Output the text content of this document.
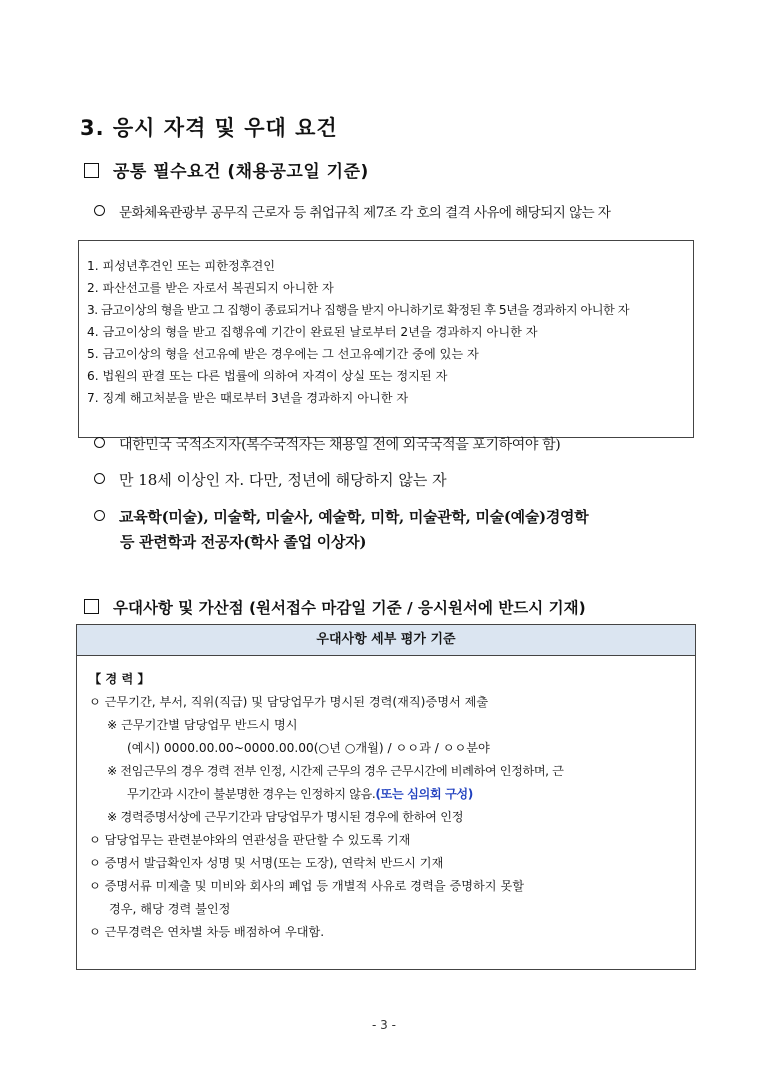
3. 응시 자격 및 우대 요건
공통 필수요건 (채용공고일 기준)
문화체육관광부 공무직 근로자 등 취업규칙 제7조 각 호의 결격 사유에 해당되지 않는 자
1. 피성년후견인 또는 피한정후견인
2. 파산선고를 받은 자로서 복권되지 아니한 자
3. 금고이상의 형을 받고 그 집행이 종료되거나 집행을 받지 아니하기로 확정된 후 5년을 경과하지 아니한 자
4. 금고이상의 형을 받고 집행유예 기간이 완료된 날로부터 2년을 경과하지 아니한 자
5. 금고이상의 형을 선고유예 받은 경우에는 그 선고유예기간 중에 있는 자
6. 법원의 판결 또는 다른 법률에 의하여 자격이 상실 또는 정지된 자
7. 징계 해고처분을 받은 때로부터 3년을 경과하지 아니한 자
대한민국 국적소지자(복수국적자는 채용일 전에 외국국적을 포기하여야 함)
만 18세 이상인 자. 다만, 정년에 해당하지 않는 자
교육학(미술), 미술학, 미술사, 예술학, 미학, 미술관학, 미술(예술)경영학
등 관련학과 전공자(학사 졸업 이상자)
우대사항 및 가산점 (원서접수 마감일 기준 / 응시원서에 반드시 기재)
우대사항 세부 평가 기준
【 경 력 】
ㅇ 근무기간, 부서, 직위(직급) 및 담당업무가 명시된 경력(재직)증명서 제출
※ 근무기간별 담당업무 반드시 명시
(예시) 0000.00.00~0000.00.00(○년 ○개월) / ㅇㅇ과 / ㅇㅇ분야
※ 전임근무의 경우 경력 전부 인정, 시간제 근무의 경우 근무시간에 비례하여 인정하며, 근
무기간과 시간이 불분명한 경우는 인정하지 않음.(또는 심의회 구성)
※ 경력증명서상에 근무기간과 담당업무가 명시된 경우에 한하여 인정
ㅇ 담당업무는 관련분야와의 연관성을 판단할 수 있도록 기재
ㅇ 증명서 발급확인자 성명 및 서명(또는 도장), 연락처 반드시 기재
ㅇ 증명서류 미제출 및 미비와 회사의 폐업 등 개별적 사유로 경력을 증명하지 못할
경우, 해당 경력 불인정
ㅇ 근무경력은 연차별 차등 배점하여 우대함.
- 3 -
